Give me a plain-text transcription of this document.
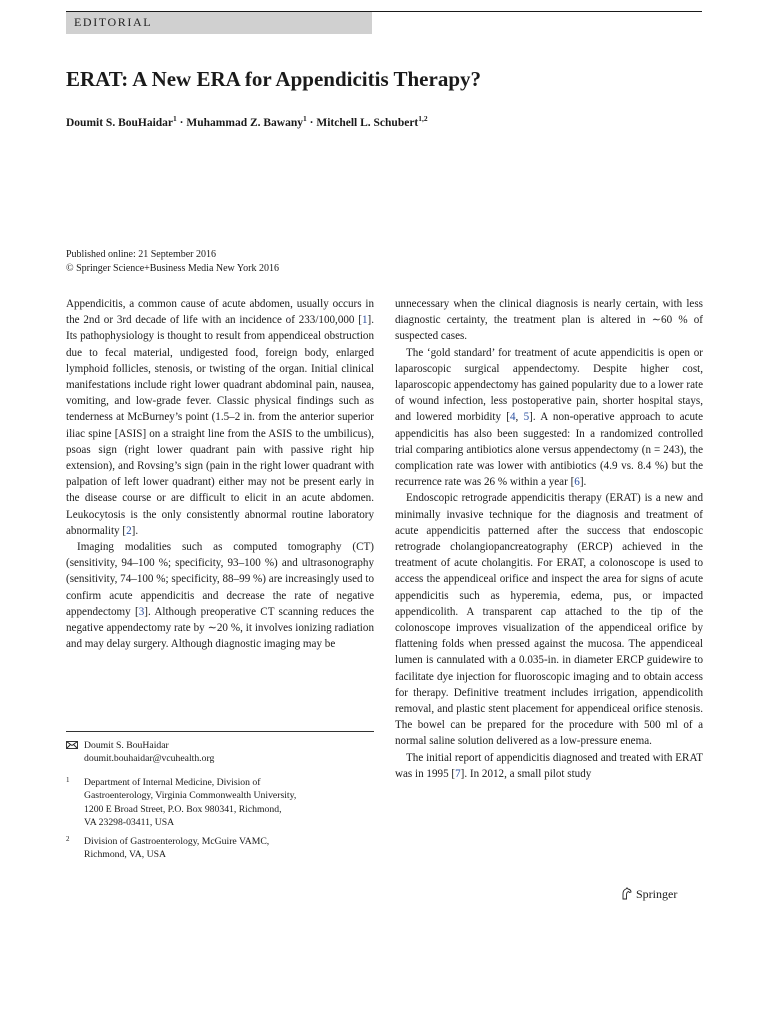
EDITORIAL
ERAT: A New ERA for Appendicitis Therapy?
Doumit S. BouHaidar$^1$ · Muhammad Z. Bawany$^1$ · Mitchell L. Schubert$^{1,2}$
Published online: 21 September 2016
© Springer Science+Business Media New York 2016

Appendicitis, a common cause of acute abdomen, usually occurs in the 2nd or 3rd decade of life with an incidence of 233/100,000 [1]. Its pathophysiology is thought to result from appendiceal obstruction due to fecal material, undigested food, foreign body, enlarged lymphoid follicles, stenosis, or twisting of the organ. Initial clinical manifestations include right lower quadrant abdominal pain, nausea, vomiting, and low-grade fever. Classic physical findings such as tenderness at McBurney’s point (1.5–2 in. from the anterior superior iliac spine [ASIS] on a straight line from the ASIS to the umbilicus), psoas sign (right lower quadrant pain with passive right hip extension), and Rovsing’s sign (pain in the right lower quadrant with palpation of left lower quadrant) either may not be present early in the disease course or are difficult to elicit in an acute abdomen. Leukocytosis is the only consistently abnormal routine laboratory abnormality [2].

Imaging modalities such as computed tomography (CT) (sensitivity, 94–100 %; specificity, 93–100 %) and ultrasonography (sensitivity, 74–100 %; specificity, 88–99 %) are increasingly used to confirm acute appendicitis and decrease the rate of negative appendectomy [3]. Although preoperative CT scanning reduces the negative appendectomy rate by ∼20 %, it involves ionizing radiation and may delay surgery. Although diagnostic imaging may be

unnecessary when the clinical diagnosis is nearly certain, with less diagnostic certainty, the treatment plan is altered in ∼60 % of suspected cases.

The ‘gold standard’ for treatment of acute appendicitis is open or laparoscopic surgical appendectomy. Despite higher cost, laparoscopic appendectomy has gained popularity due to a lower rate of wound infection, less postoperative pain, shorter hospital stays, and lowered morbidity [4, 5]. A non-operative approach to acute appendicitis has also been suggested: In a randomized controlled trial comparing antibiotics alone versus appendectomy (n = 243), the complication rate was lower with antibiotics (4.9 vs. 8.4 %) but the recurrence rate was 26 % within a year [6].

Endoscopic retrograde appendicitis therapy (ERAT) is a new and minimally invasive technique for the diagnosis and treatment of acute appendicitis patterned after the success that endoscopic retrograde cholangiopancreatography (ERCP) achieved in the treatment of acute cholangitis. For ERAT, a colonoscope is used to access the appendiceal orifice and inspect the area for signs of acute appendicitis such as hyperemia, edema, pus, or impacted appendicolith. A transparent cap attached to the tip of the colonoscope improves visualization of the appendiceal orifice by flattening folds when pressed against the mucosa. The appendiceal lumen is cannulated with a 0.035-in. in diameter ERCP guidewire to facilitate dye injection for fluoroscopic imaging and to obtain access for therapy. Definitive treatment includes irrigation, appendicolith removal, and plastic stent placement for appendiceal orifice stenosis. The bowel can be prepared for the procedure with 500 ml of a normal saline solution delivered as a low-pressure enema.

The initial report of appendicitis diagnosed and treated with ERAT was in 1995 [7]. In 2012, a small pilot study

Doumit S. BouHaidar
doumit.bouhaidar@vcuhealth.org
1 Department of Internal Medicine, Division of
Gastroenterology, Virginia Commonwealth University,
1200 E Broad Street, P.O. Box 980341, Richmond,
VA 23298-03411, USA
2 Division of Gastroenterology, McGuire VAMC,
Richmond, VA, USA
Springer
